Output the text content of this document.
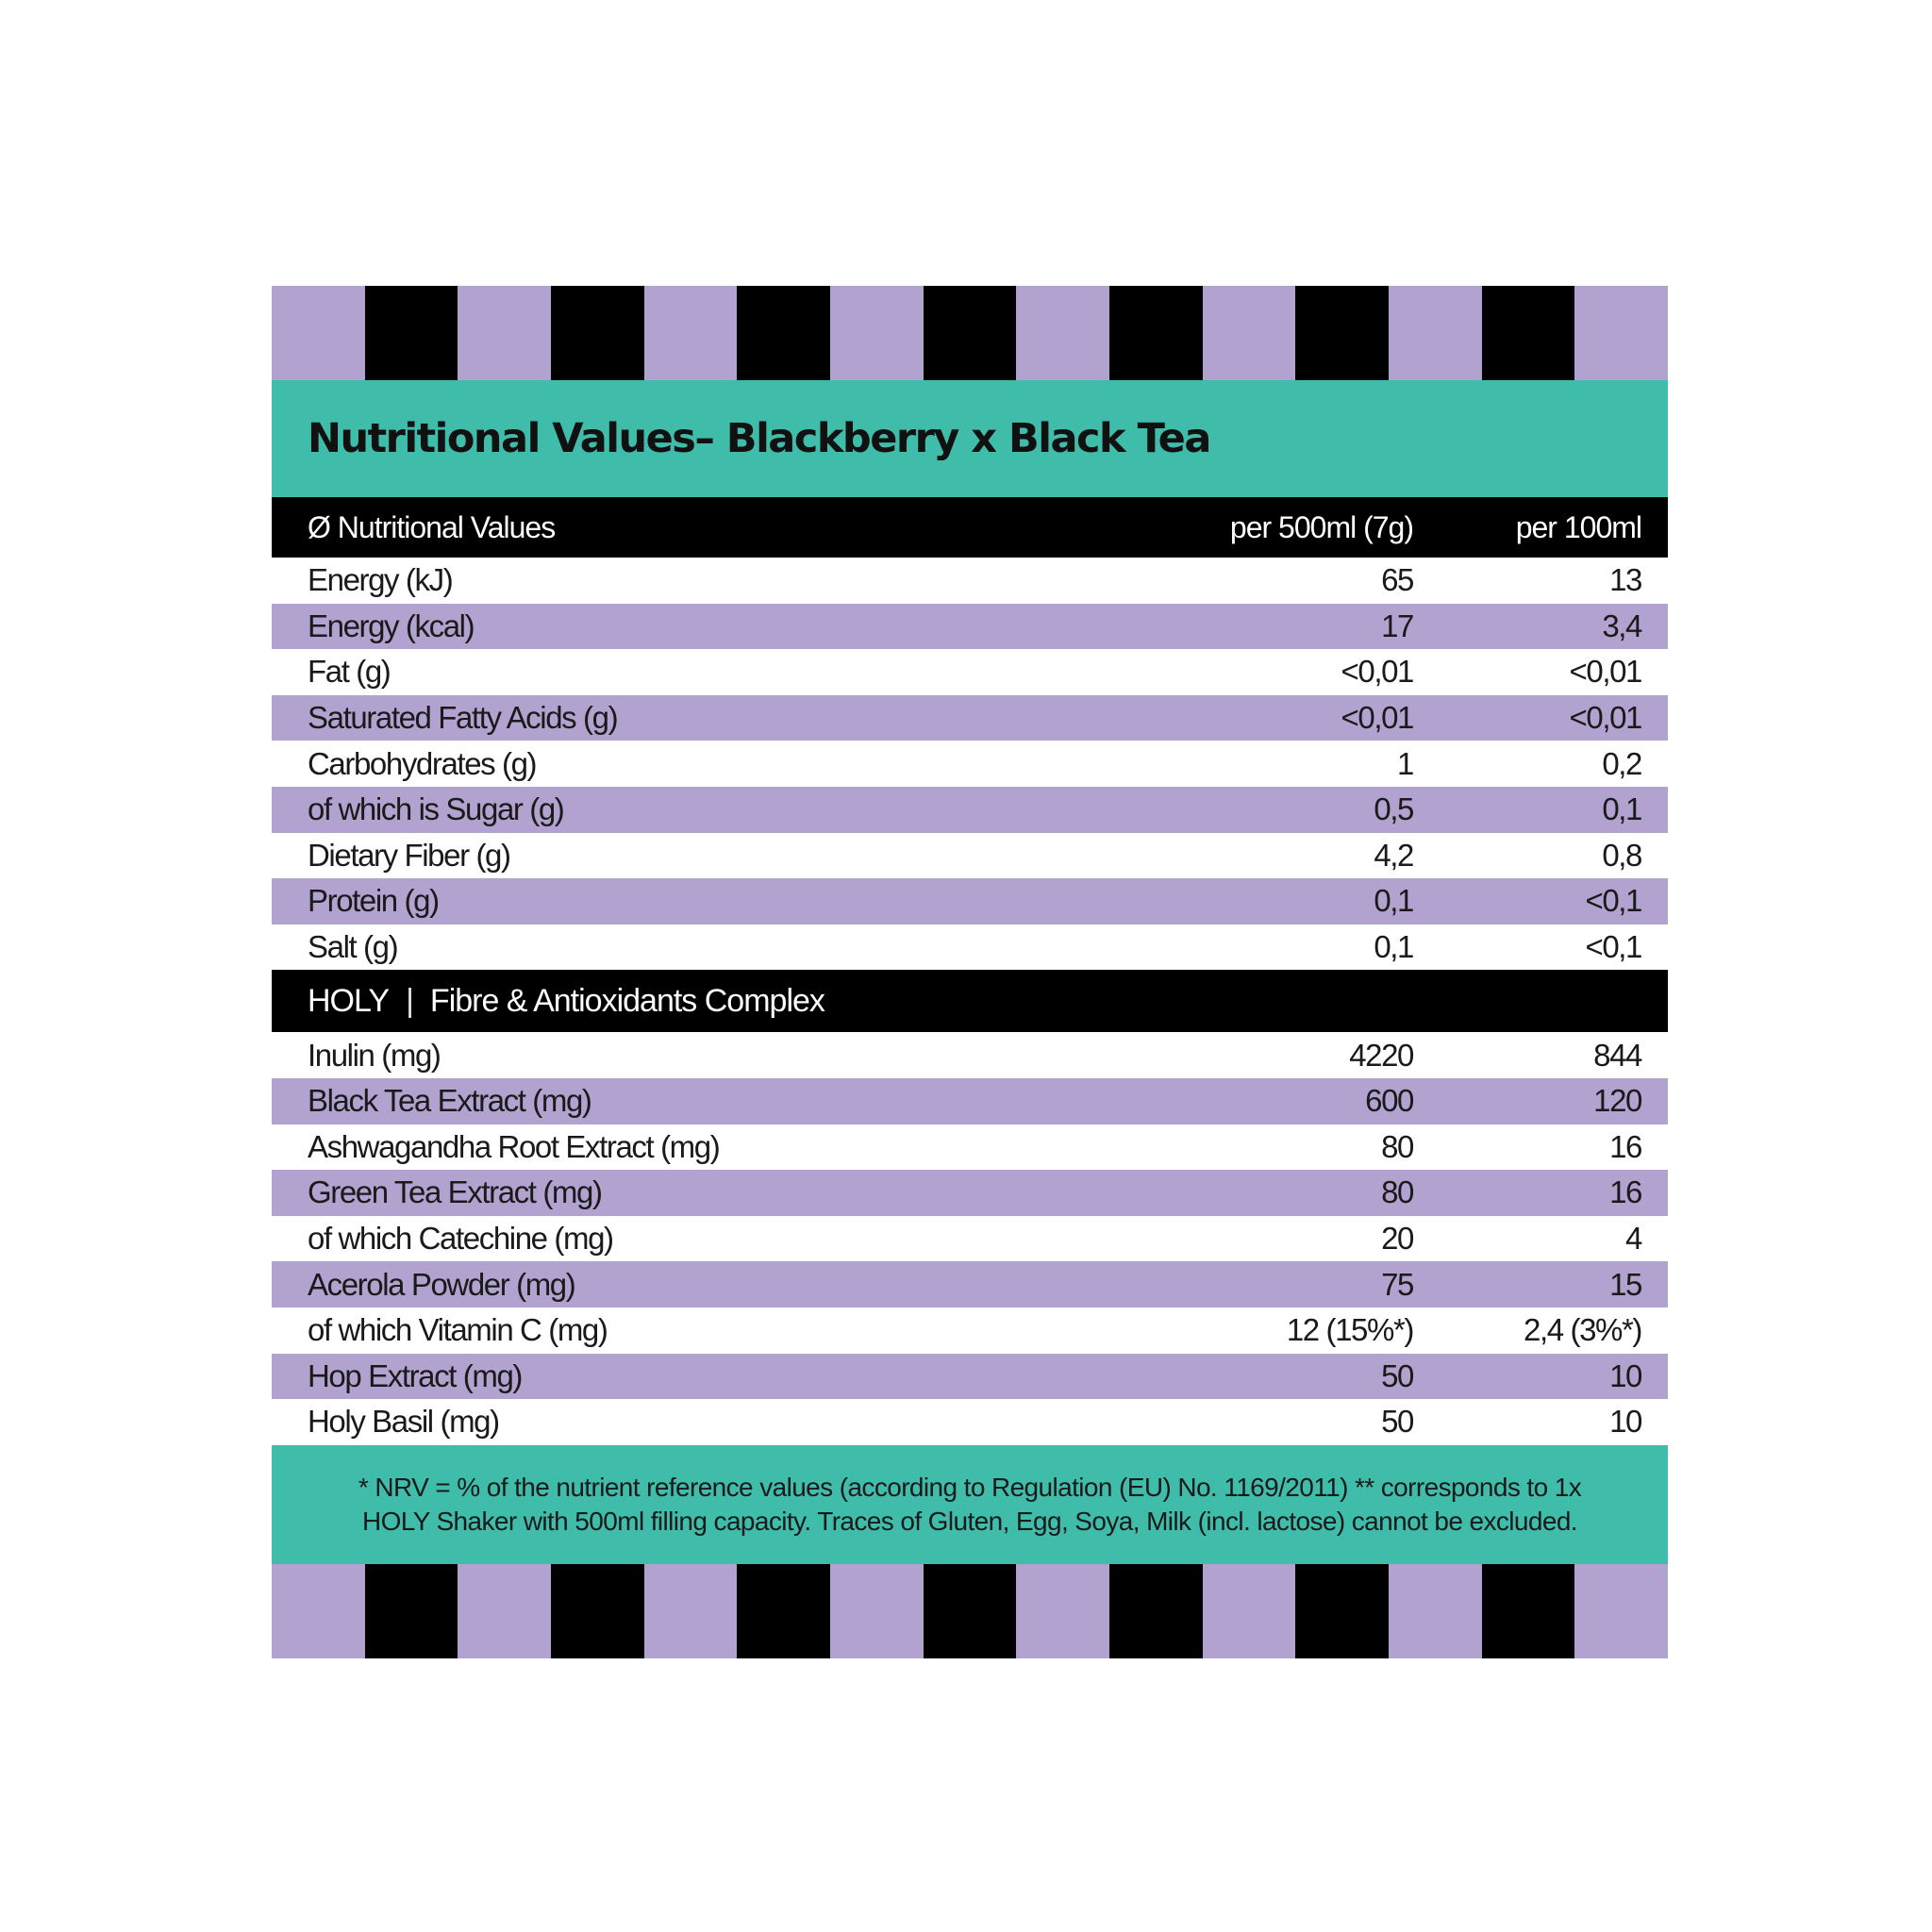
Nutritional Values– Blackberry x Black Tea
Ø Nutritional Values	per 500ml (7g)	per 100ml
Energy (kJ)	65	13
Energy (kcal)	17	3,4
Fat (g)	<0,01	<0,01
Saturated Fatty Acids (g)	<0,01	<0,01
Carbohydrates (g)	1	0,2
of which is Sugar (g)	0,5	0,1
Dietary Fiber (g)	4,2	0,8
Protein (g)	0,1	<0,1
Salt (g)	0,1	<0,1
HOLY | Fibre & Antioxidants Complex
Inulin (mg)	4220	844
Black Tea Extract (mg)	600	120
Ashwagandha Root Extract (mg)	80	16
Green Tea Extract (mg)	80	16
of which Catechine (mg)	20	4
Acerola Powder (mg)	75	15
of which Vitamin C (mg)	12 (15%*)	2,4 (3%*)
Hop Extract (mg)	50	10
Holy Basil (mg)	50	10
* NRV = % of the nutrient reference values (according to Regulation (EU) No. 1169/2011) ** corresponds to 1x
HOLY Shaker with 500ml filling capacity. Traces of Gluten, Egg, Soya, Milk (incl. lactose) cannot be excluded.
